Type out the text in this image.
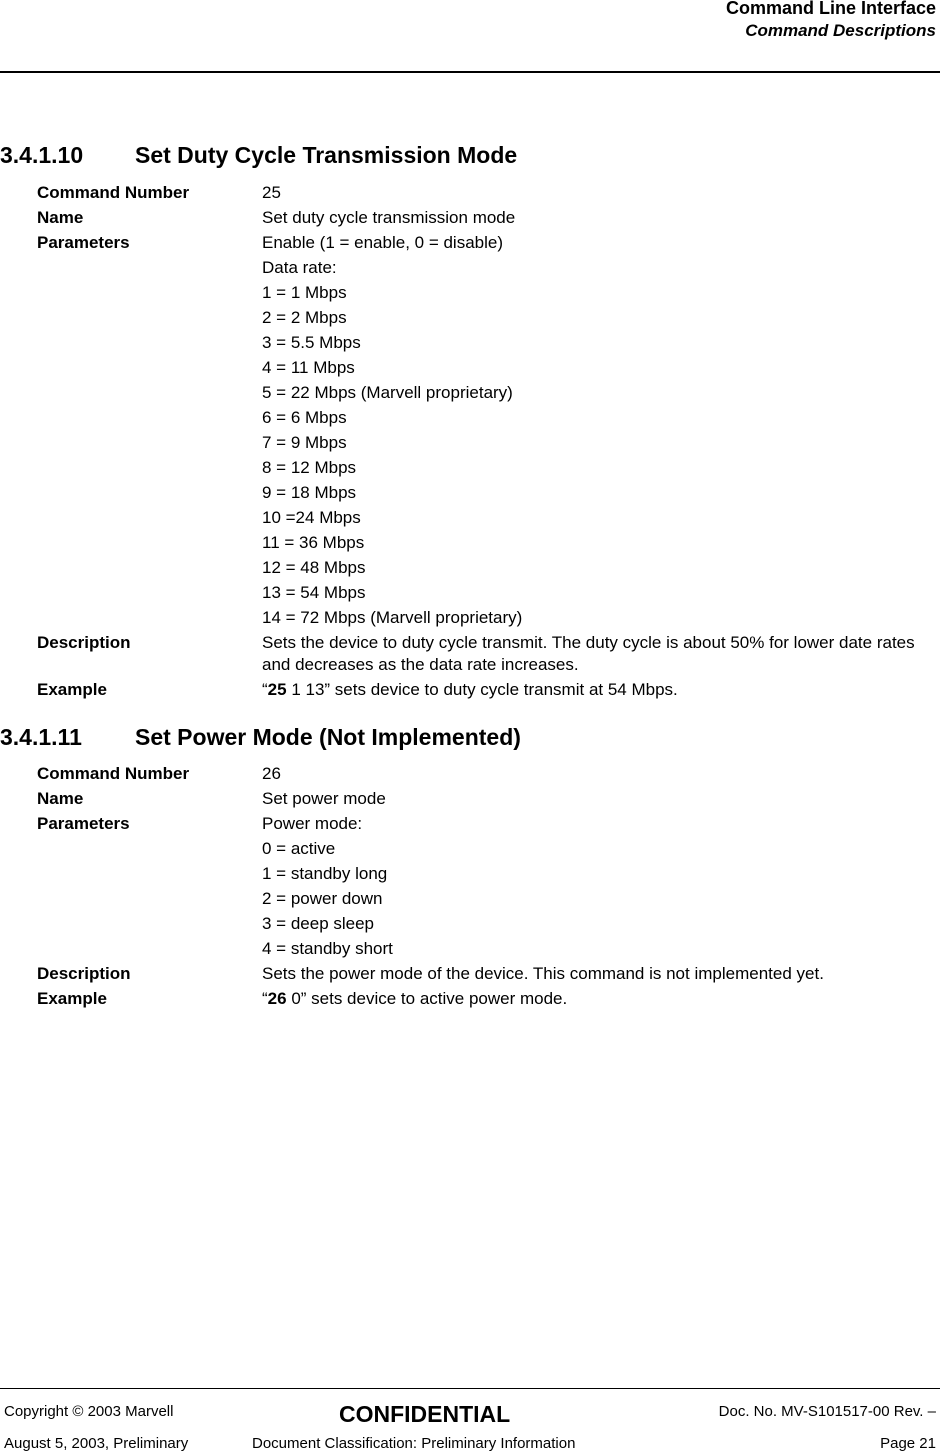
Command Line Interface
Command Descriptions
3.4.1.10 Set Duty Cycle Transmission Mode
Command Number	25
Name	Set duty cycle transmission mode
Parameters	Enable (1 = enable, 0 = disable)
Data rate:
1 = 1 Mbps
2 = 2 Mbps
3 = 5.5 Mbps
4 = 11 Mbps
5 = 22 Mbps (Marvell proprietary)
6 = 6 Mbps
7 = 9 Mbps
8 = 12 Mbps
9 = 18 Mbps
10 =24 Mbps
11 = 36 Mbps
12 = 48 Mbps
13 = 54 Mbps
14 = 72 Mbps (Marvell proprietary)
Description	Sets the device to duty cycle transmit. The duty cycle is about 50% for lower date rates and decreases as the data rate increases.
Example	“25 1 13” sets device to duty cycle transmit at 54 Mbps.
3.4.1.11 Set Power Mode (Not Implemented)
Command Number	26
Name	Set power mode
Parameters	Power mode:
0 = active
1 = standby long
2 = power down
3 = deep sleep
4 = standby short
Description	Sets the power mode of the device. This command is not implemented yet.
Example	“26 0” sets device to active power mode.
Copyright © 2003 Marvell	CONFIDENTIAL	Doc. No. MV-S101517-00 Rev. –
August 5, 2003, Preliminary	Document Classification: Preliminary Information	Page 21
